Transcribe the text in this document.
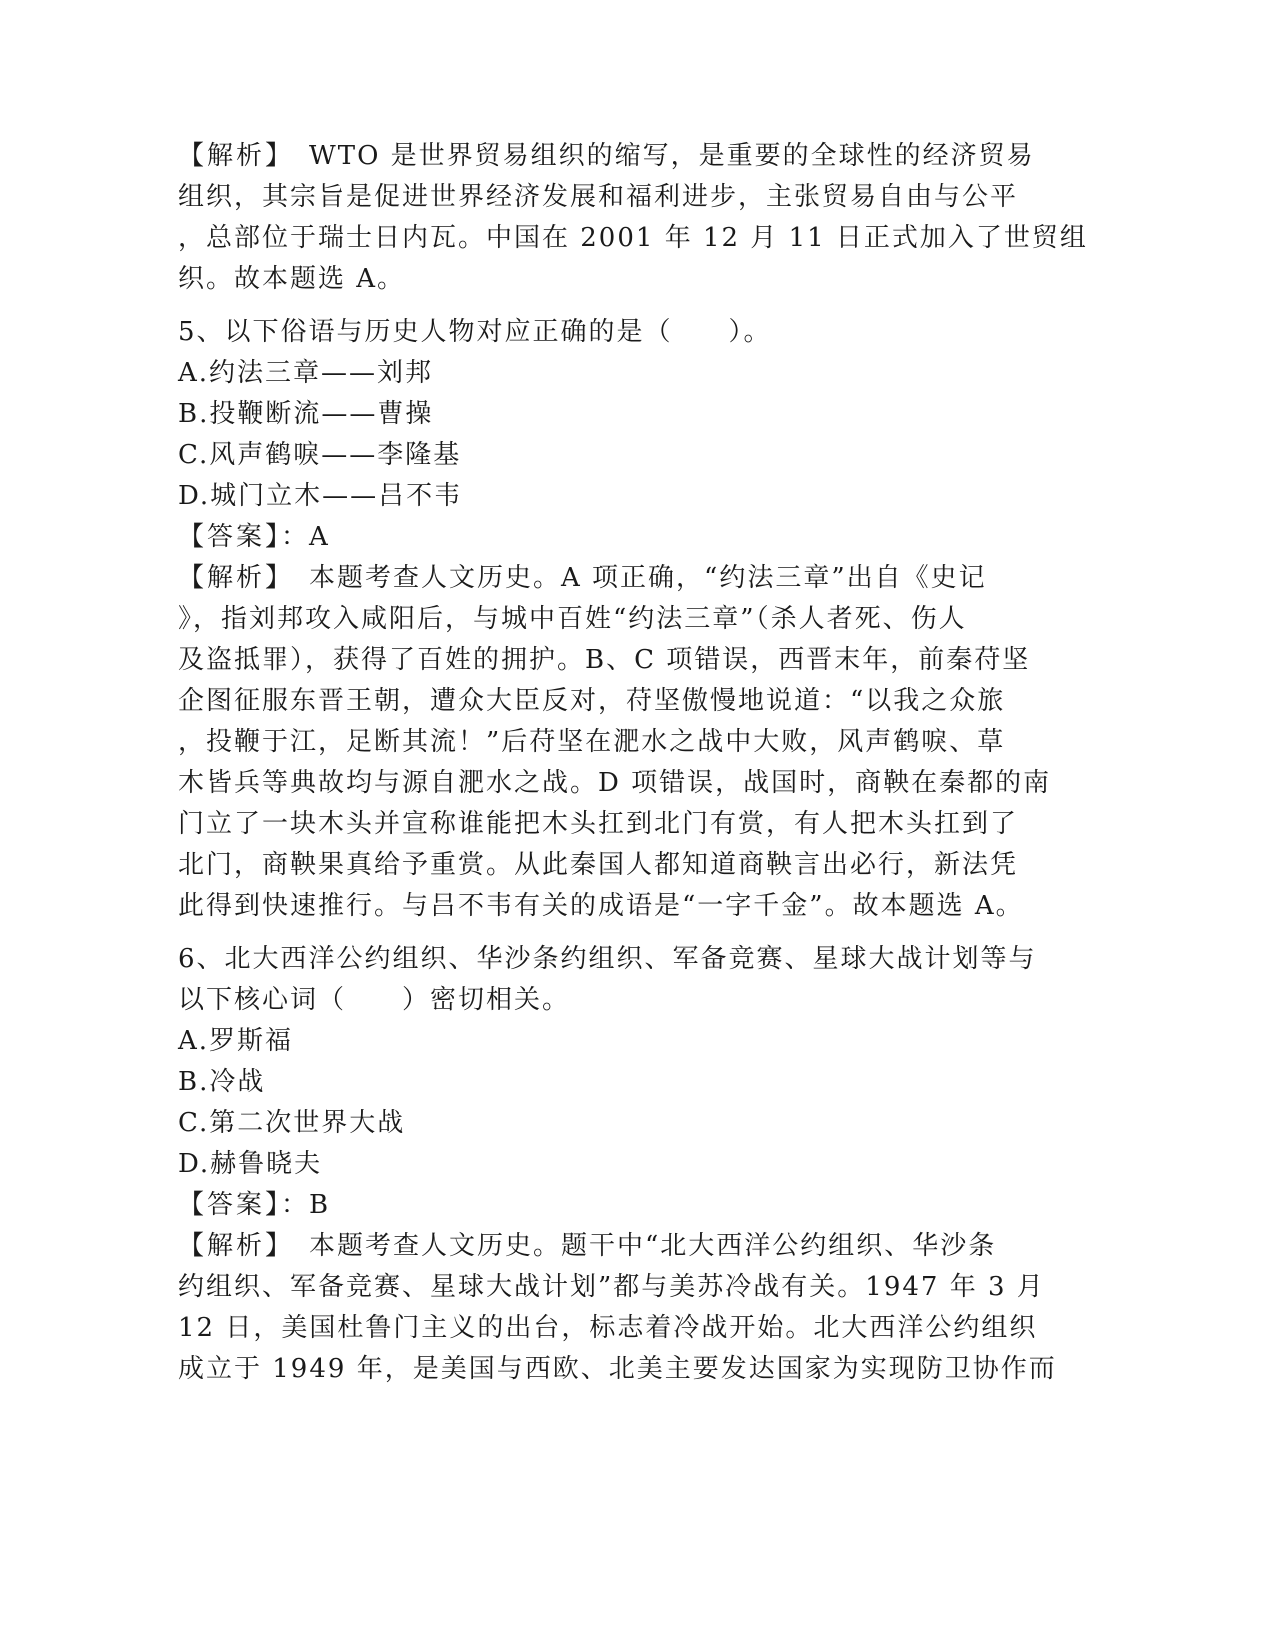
【解析】　WTO 是世界贸易组织的缩写，是重要的全球性的经济贸易
组织，其宗旨是促进世界经济发展和福利进步，主张贸易自由与公平
，总部位于瑞士日内瓦。中国在 2001 年 12 月 11 日正式加入了世贸组
织。故本题选 A。
5、以下俗语与历史人物对应正确的是（　　）。
A.约法三章——刘邦
B.投鞭断流——曹操
C.风声鹤唳——李隆基
D.城门立木——吕不韦
【答案】：A
【解析】　本题考查人文历史。A 项正确，“约法三章”出自《史记
》，指刘邦攻入咸阳后，与城中百姓“约法三章”（杀人者死、伤人
及盗抵罪），获得了百姓的拥护。B、C 项错误，西晋末年，前秦苻坚
企图征服东晋王朝，遭众大臣反对，苻坚傲慢地说道：“以我之众旅
，投鞭于江，足断其流！”后苻坚在淝水之战中大败，风声鹤唳、草
木皆兵等典故均与源自淝水之战。D 项错误，战国时，商鞅在秦都的南
门立了一块木头并宣称谁能把木头扛到北门有赏，有人把木头扛到了
北门，商鞅果真给予重赏。从此秦国人都知道商鞅言出必行，新法凭
此得到快速推行。与吕不韦有关的成语是“一字千金”。故本题选 A。
6、北大西洋公约组织、华沙条约组织、军备竞赛、星球大战计划等与
以下核心词（　　）密切相关。
A.罗斯福
B.冷战
C.第二次世界大战
D.赫鲁晓夫
【答案】：B
【解析】　本题考查人文历史。题干中“北大西洋公约组织、华沙条
约组织、军备竞赛、星球大战计划”都与美苏冷战有关。1947 年 3 月
12 日，美国杜鲁门主义的出台，标志着冷战开始。北大西洋公约组织
成立于 1949 年，是美国与西欧、北美主要发达国家为实现防卫协作而
